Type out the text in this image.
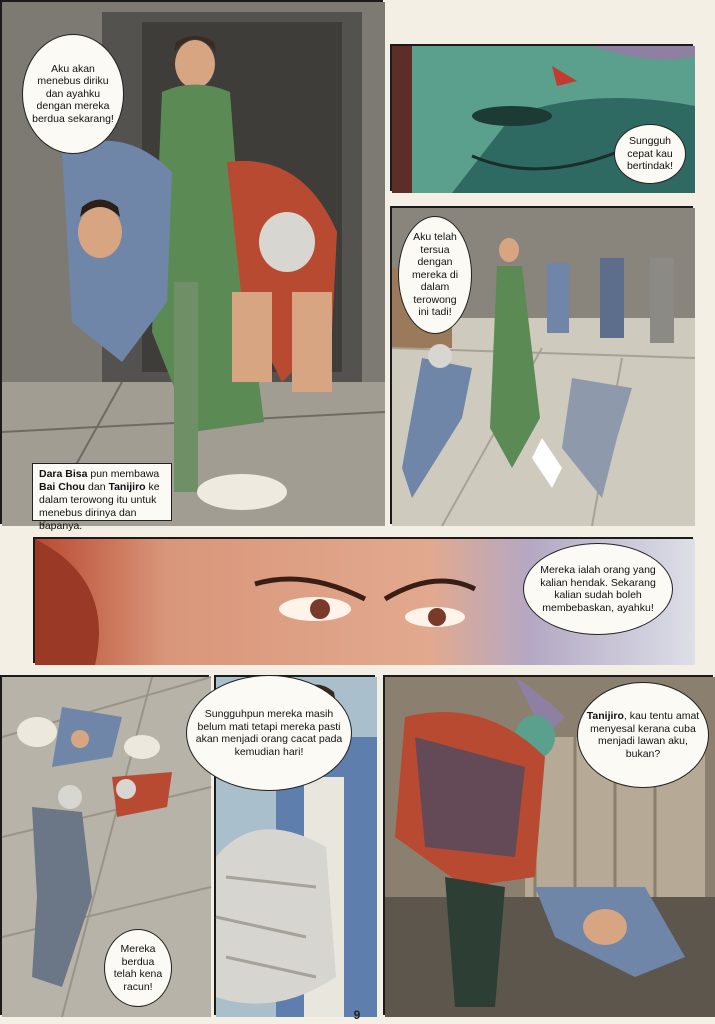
Aku akan menebus diriku dan ayahku dengan mereka berdua sekarang!
Dara Bisa pun membawa Bai Chou dan Tanijiro ke dalam terowong itu untuk menebus dirinya dan bapanya.
Sungguh cepat kau bertindak!
Aku telah tersua dengan mereka di dalam terowong ini tadi!
Mereka ialah orang yang kalian hendak. Sekarang kalian sudah boleh membebaskan, ayahku!
Mereka berdua telah kena racun!
Sungguhpun mereka masih belum mati tetapi mereka pasti akan menjadi orang cacat pada kemudian hari!
Tanijiro, kau tentu amat menyesal kerana cuba menjadi lawan aku, bukan?
9
